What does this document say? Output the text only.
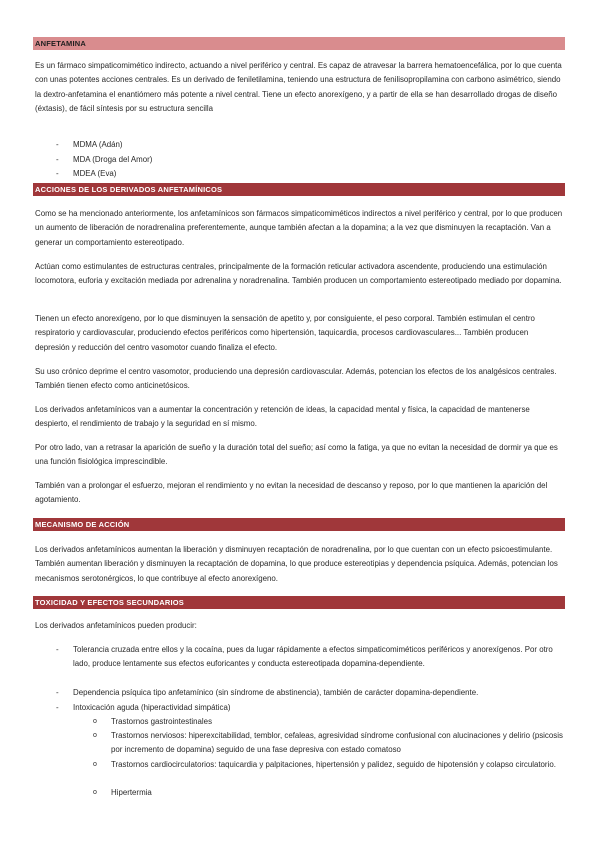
ANFETAMINA

Es un fármaco simpaticomimético indirecto, actuando a nivel periférico y central. Es capaz de atravesar la barrera hematoencefálica, por lo que cuenta con unas potentes acciones centrales. Es un derivado de feniletilamina, teniendo una estructura de fenilisopropilamina con carbono asimétrico, siendo la dextro-anfetamina el enantiómero más potente a nivel central. Tiene un efecto anorexígeno, y a partir de ella se han desarrollado drogas de diseño (éxtasis), de fácil síntesis por su estructura sencilla

- MDMA (Adán)
- MDA (Droga del Amor)
- MDEA (Eva)
ACCIONES DE LOS DERIVADOS ANFETAMÍNICOS

Como se ha mencionado anteriormente, los anfetamínicos son fármacos simpaticomiméticos indirectos a nivel periférico y central, por lo que producen un aumento de liberación de noradrenalina preferentemente, aunque también afectan a la dopamina; a la vez que disminuyen la recaptación. Van a generar un comportamiento estereotipado.

Actúan como estimulantes de estructuras centrales, principalmente de la formación reticular activadora ascendente, produciendo una estimulación locomotora, euforia y excitación mediada por adrenalina y noradrenalina. También producen un comportamiento estereotipado mediado por dopamina.

Tienen un efecto anorexígeno, por lo que disminuyen la sensación de apetito y, por consiguiente, el peso corporal. También estimulan el centro respiratorio y cardiovascular, produciendo efectos periféricos como hipertensión, taquicardia, procesos cardiovasculares... También producen depresión y reducción del centro vasomotor cuando finaliza el efecto.

Su uso crónico deprime el centro vasomotor, produciendo una depresión cardiovascular. Además, potencian los efectos de los analgésicos centrales. También tienen efecto como anticinetósicos.

Los derivados anfetamínicos van a aumentar la concentración y retención de ideas, la capacidad mental y física, la capacidad de mantenerse despierto, el rendimiento de trabajo y la seguridad en sí mismo.

Por otro lado, van a retrasar la aparición de sueño y la duración total del sueño; así como la fatiga, ya que no evitan la necesidad de dormir ya que es una función fisiológica imprescindible.

También van a prolongar el esfuerzo, mejoran el rendimiento y no evitan la necesidad de descanso y reposo, por lo que mantienen la aparición del agotamiento.

MECANISMO DE ACCIÓN

Los derivados anfetamínicos aumentan la liberación y disminuyen recaptación de noradrenalina, por lo que cuentan con un efecto psicoestimulante. También aumentan liberación y disminuyen la recaptación de dopamina, lo que produce estereotipias y dependencia psíquica. Además, potencian los mecanismos serotonérgicos, lo que contribuye al efecto anorexígeno.

TOXICIDAD Y EFECTOS SECUNDARIOS

Los derivados anfetamínicos pueden producir:

- Tolerancia cruzada entre ellos y la cocaína, pues da lugar rápidamente a efectos simpaticomiméticos periféricos y anorexígenos. Por otro lado, produce lentamente sus efectos euforicantes y conducta estereotipada dopamina-dependiente.
- Dependencia psíquica tipo anfetamínico (sin síndrome de abstinencia), también de carácter dopamina-dependiente.
- Intoxicación aguda (hiperactividad simpática)
o Trastornos gastrointestinales
o Trastornos nerviosos: hiperexcitabilidad, temblor, cefaleas, agresividad síndrome confusional con alucinaciones y delirio (psicosis por incremento de dopamina) seguido de una fase depresiva con estado comatoso
o Trastornos cardiocirculatorios: taquicardia y palpitaciones, hipertensión y palidez, seguido de hipotensión y colapso circulatorio.
o Hipertermia
